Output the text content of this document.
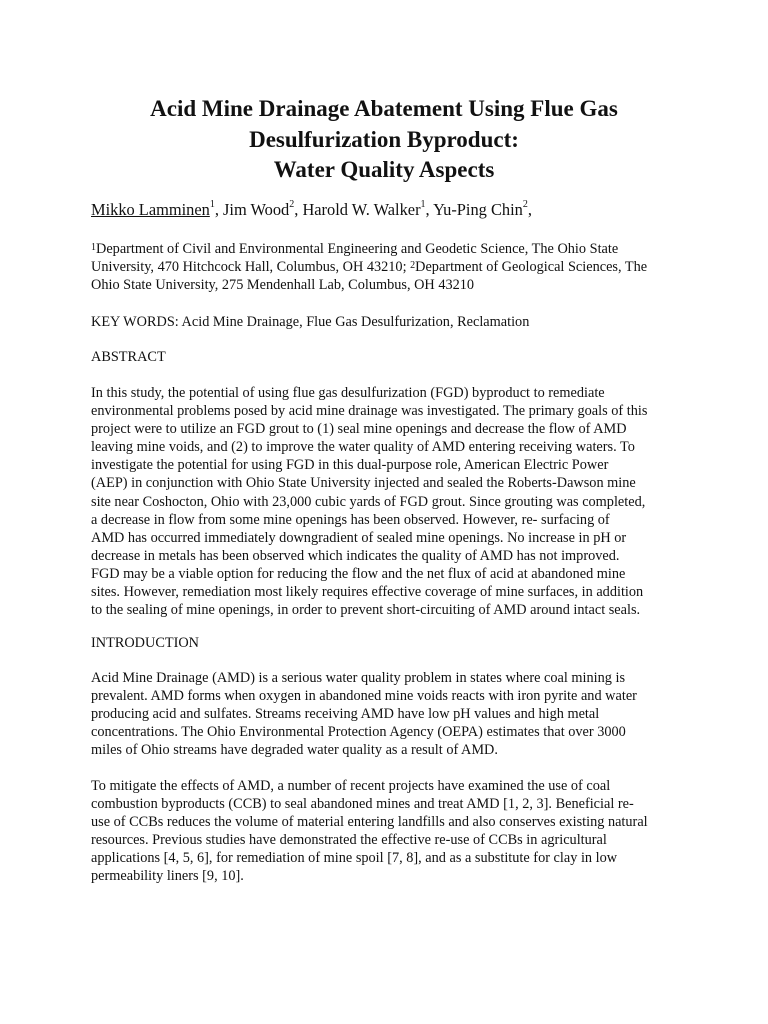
Acid Mine Drainage Abatement Using Flue Gas
Desulfurization Byproduct:
Water Quality Aspects
Mikko Lamminen$^1$, Jim Wood$^2$, Harold W. Walker$^1$, Yu-Ping Chin$^2$,
$^1$Department of Civil and Environmental Engineering and Geodetic Science, The Ohio State
University, 470 Hitchcock Hall, Columbus, OH 43210; $^2$Department of Geological Sciences, The
Ohio State University, 275 Mendenhall Lab, Columbus, OH 43210
KEY WORDS: Acid Mine Drainage, Flue Gas Desulfurization, Reclamation
ABSTRACT
In this study, the potential of using flue gas desulfurization (FGD) byproduct to remediate
environmental problems posed by acid mine drainage was investigated. The primary goals of this
project were to utilize an FGD grout to (1) seal mine openings and decrease the flow of AMD
leaving mine voids, and (2) to improve the water quality of AMD entering receiving waters. To
investigate the potential for using FGD in this dual-purpose role, American Electric Power
(AEP) in conjunction with Ohio State University injected and sealed the Roberts-Dawson mine
site near Coshocton, Ohio with 23,000 cubic yards of FGD grout. Since grouting was completed,
a decrease in flow from some mine openings has been observed. However, re- surfacing of
AMD has occurred immediately downgradient of sealed mine openings. No increase in pH or
decrease in metals has been observed which indicates the quality of AMD has not improved.
FGD may be a viable option for reducing the flow and the net flux of acid at abandoned mine
sites. However, remediation most likely requires effective coverage of mine surfaces, in addition
to the sealing of mine openings, in order to prevent short-circuiting of AMD around intact seals.
INTRODUCTION
Acid Mine Drainage (AMD) is a serious water quality problem in states where coal mining is
prevalent. AMD forms when oxygen in abandoned mine voids reacts with iron pyrite and water
producing acid and sulfates. Streams receiving AMD have low pH values and high metal
concentrations. The Ohio Environmental Protection Agency (OEPA) estimates that over 3000
miles of Ohio streams have degraded water quality as a result of AMD.
To mitigate the effects of AMD, a number of recent projects have examined the use of coal
combustion byproducts (CCB) to seal abandoned mines and treat AMD [1, 2, 3]. Beneficial re-
use of CCBs reduces the volume of material entering landfills and also conserves existing natural
resources. Previous studies have demonstrated the effective re-use of CCBs in agricultural
applications [4, 5, 6], for remediation of mine spoil [7, 8], and as a substitute for clay in low
permeability liners [9, 10].
